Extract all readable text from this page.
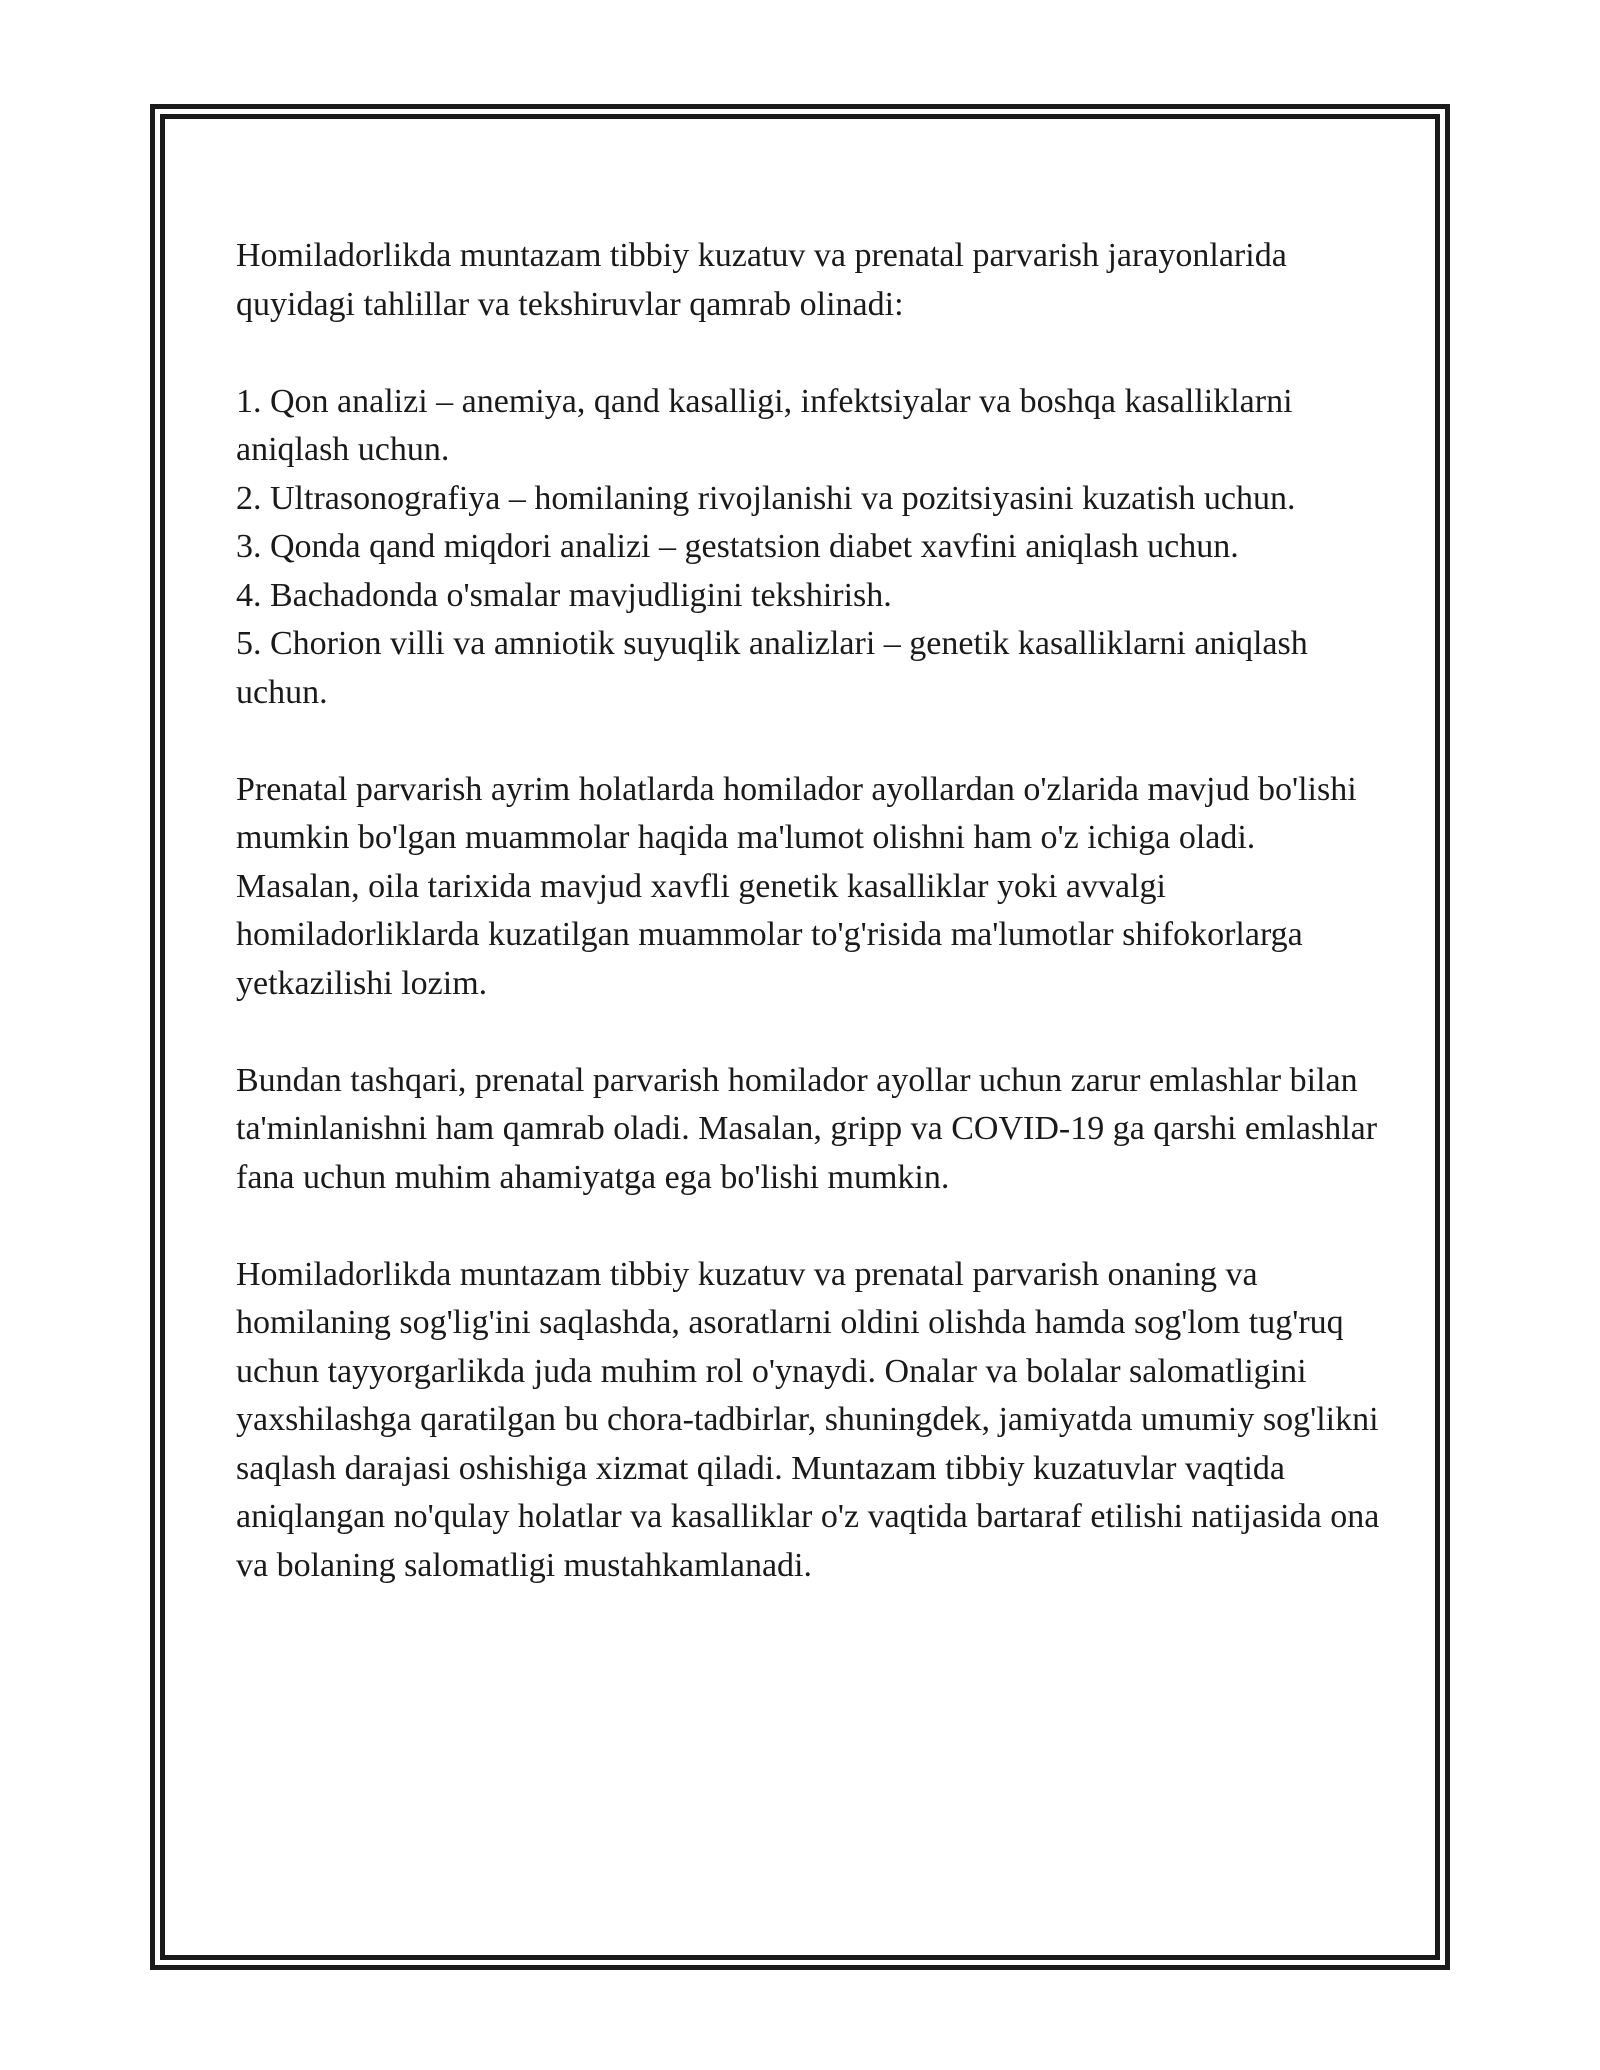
Homiladorlikda muntazam tibbiy kuzatuv va prenatal parvarish jarayonlarida quyidagi tahlillar va tekshiruvlar qamrab olinadi:

1. Qon analizi – anemiya, qand kasalligi, infektsiyalar va boshqa kasalliklarni aniqlash uchun.

2. Ultrasonografiya – homilaning rivojlanishi va pozitsiyasini kuzatish uchun.

3. Qonda qand miqdori analizi – gestatsion diabet xavfini aniqlash uchun.

4. Bachadonda o'smalar mavjudligini tekshirish.

5. Chorion villi va amniotik suyuqlik analizlari – genetik kasalliklarni aniqlash uchun.

Prenatal parvarish ayrim holatlarda homilador ayollardan o'zlarida mavjud bo'lishi mumkin bo'lgan muammolar haqida ma'lumot olishni ham o'z ichiga oladi. Masalan, oila tarixida mavjud xavfli genetik kasalliklar yoki avvalgi homiladorliklarda kuzatilgan muammolar to'g'risida ma'lumotlar shifokorlarga yetkazilishi lozim.

Bundan tashqari, prenatal parvarish homilador ayollar uchun zarur emlashlar bilan ta'minlanishni ham qamrab oladi. Masalan, gripp va COVID-19 ga qarshi emlashlar fana uchun muhim ahamiyatga ega bo'lishi mumkin.

Homiladorlikda muntazam tibbiy kuzatuv va prenatal parvarish onaning va homilaning sog'lig'ini saqlashda, asoratlarni oldini olishda hamda sog'lom tug'ruq uchun tayyorgarlikda juda muhim rol o'ynaydi. Onalar va bolalar salomatligini yaxshilashga qaratilgan bu chora-tadbirlar, shuningdek, jamiyatda umumiy sog'likni saqlash darajasi oshishiga xizmat qiladi. Muntazam tibbiy kuzatuvlar vaqtida aniqlangan no'qulay holatlar va kasalliklar o'z vaqtida bartaraf etilishi natijasida ona va bolaning salomatligi mustahkamlanadi.
